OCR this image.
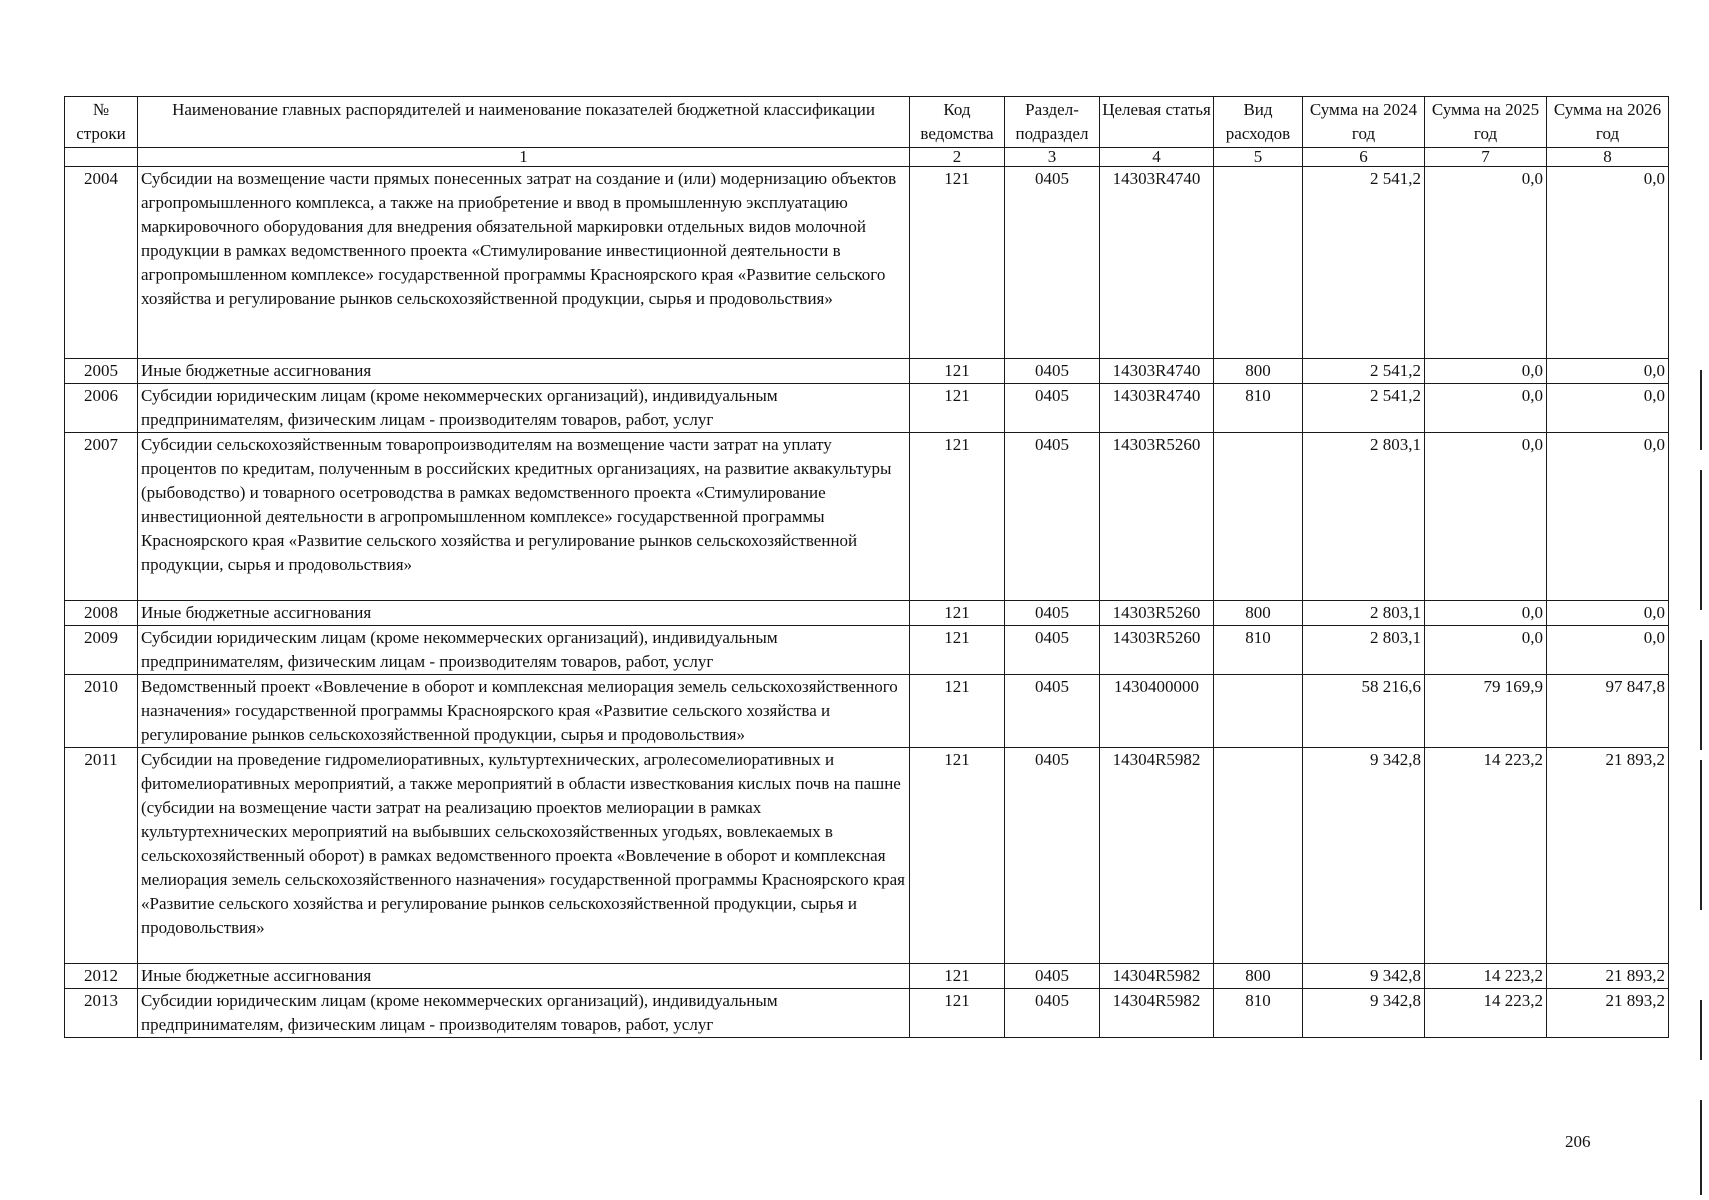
№ строки	Наименование главных распорядителей и наименование показателей бюджетной классификации	Код ведомства	Раздел-подраздел	Целевая статья	Вид расходов	Сумма на 2024 год	Сумма на 2025 год	Сумма на 2026 год
	1	2	3	4	5	6	7	8
2004	Субсидии на возмещение части прямых понесенных затрат на создание и (или) модернизацию объектов агропромышленного комплекса, а также на приобретение и ввод в промышленную эксплуатацию маркировочного оборудования для внедрения обязательной маркировки отдельных видов молочной продукции в рамках ведомственного проекта «Стимулирование инвестиционной деятельности в агропромышленном комплексе» государственной программы Красноярского края «Развитие сельского хозяйства и регулирование рынков сельскохозяйственной продукции, сырья и продовольствия»	121	0405	14303R4740		2 541,2	0,0	0,0
2005	Иные бюджетные ассигнования	121	0405	14303R4740	800	2 541,2	0,0	0,0
2006	Субсидии юридическим лицам (кроме некоммерческих организаций), индивидуальным предпринимателям, физическим лицам - производителям товаров, работ, услуг	121	0405	14303R4740	810	2 541,2	0,0	0,0
2007	Субсидии сельскохозяйственным товаропроизводителям на возмещение части затрат на уплату процентов по кредитам, полученным в российских кредитных организациях, на развитие аквакультуры (рыбоводство) и товарного осетроводства в рамках ведомственного проекта «Стимулирование инвестиционной деятельности в агропромышленном комплексе» государственной программы Красноярского края «Развитие сельского хозяйства и регулирование рынков сельскохозяйственной продукции, сырья и продовольствия»	121	0405	14303R5260		2 803,1	0,0	0,0
2008	Иные бюджетные ассигнования	121	0405	14303R5260	800	2 803,1	0,0	0,0
2009	Субсидии юридическим лицам (кроме некоммерческих организаций), индивидуальным предпринимателям, физическим лицам - производителям товаров, работ, услуг	121	0405	14303R5260	810	2 803,1	0,0	0,0
2010	Ведомственный проект «Вовлечение в оборот и комплексная мелиорация земель сельскохозяйственного назначения» государственной программы Красноярского края «Развитие сельского хозяйства и регулирование рынков сельскохозяйственной продукции, сырья и продовольствия»	121	0405	1430400000		58 216,6	79 169,9	97 847,8
2011	Субсидии на проведение гидромелиоративных, культуртехнических, агролесомелиоративных и фитомелиоративных мероприятий, а также мероприятий в области известкования кислых почв на пашне (субсидии на возмещение части затрат на реализацию проектов мелиорации в рамках культуртехнических мероприятий на выбывших сельскохозяйственных угодьях, вовлекаемых в сельскохозяйственный оборот) в рамках ведомственного проекта «Вовлечение в оборот и комплексная мелиорация земель сельскохозяйственного назначения» государственной программы Красноярского края «Развитие сельского хозяйства и регулирование рынков сельскохозяйственной продукции, сырья и продовольствия»	121	0405	14304R5982		9 342,8	14 223,2	21 893,2
2012	Иные бюджетные ассигнования	121	0405	14304R5982	800	9 342,8	14 223,2	21 893,2
2013	Субсидии юридическим лицам (кроме некоммерческих организаций), индивидуальным предпринимателям, физическим лицам - производителям товаров, работ, услуг	121	0405	14304R5982	810	9 342,8	14 223,2	21 893,2
206
